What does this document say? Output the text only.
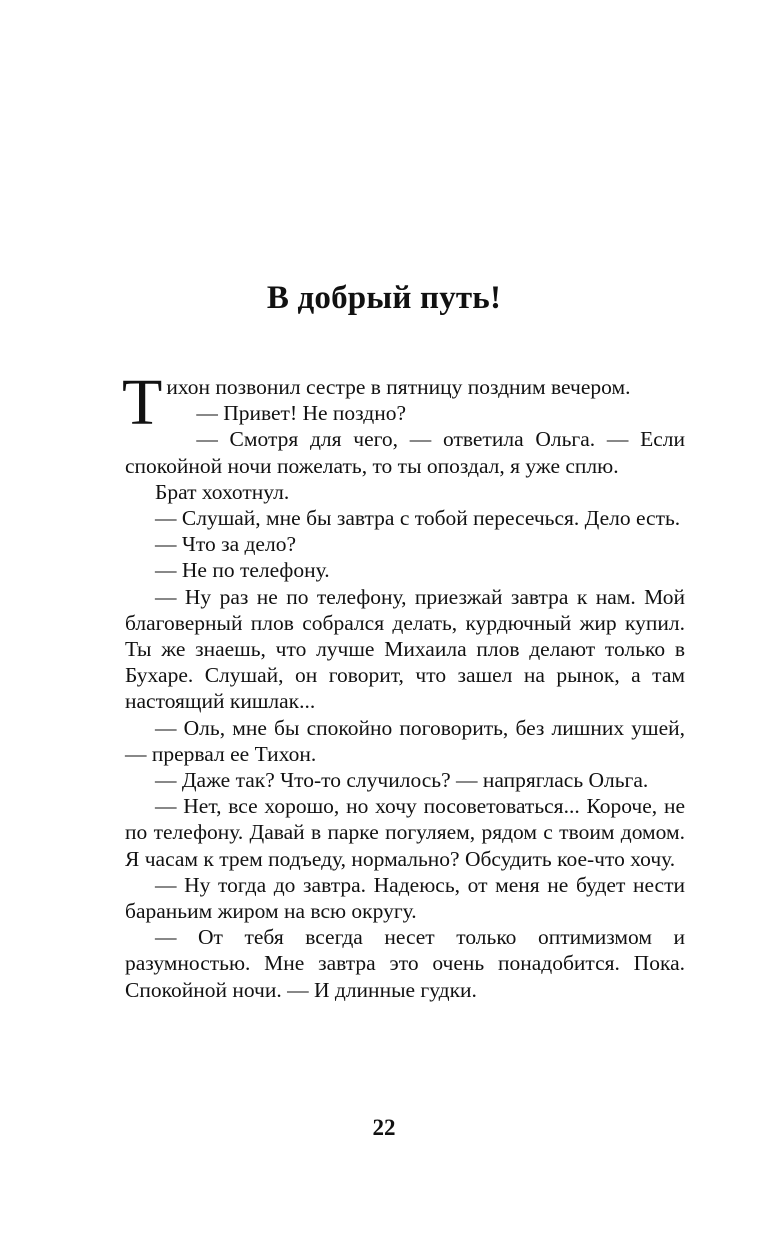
В добрый путь!

Тихон позвонил сестре в пятницу поздним вечером.

— Привет! Не поздно?

— Смотря для чего, — ответила Ольга. — Если спокойной ночи пожелать, то ты опоздал, я уже сплю.

Брат хохотнул.

— Слушай, мне бы завтра с тобой пересечься. Дело есть.

— Что за дело?

— Не по телефону.

— Ну раз не по телефону, приезжай завтра к нам. Мой благоверный плов собрался делать, курдючный жир купил. Ты же знаешь, что лучше Михаила плов делают только в Бухаре. Слушай, он говорит, что зашел на рынок, а там настоящий кишлак...

— Оль, мне бы спокойно поговорить, без лишних ушей, — прервал ее Тихон.

— Даже так? Что-то случилось? — напряглась Ольга.

— Нет, все хорошо, но хочу посоветоваться... Короче, не по телефону. Давай в парке погуляем, рядом с твоим домом. Я часам к трем подъеду, нормально? Обсудить кое-что хочу.

— Ну тогда до завтра. Надеюсь, от меня не будет нести бараньим жиром на всю округу.

— От тебя всегда несет только оптимизмом и разумностью. Мне завтра это очень понадобится. Пока. Спокойной ночи. — И длинные гудки.

22
